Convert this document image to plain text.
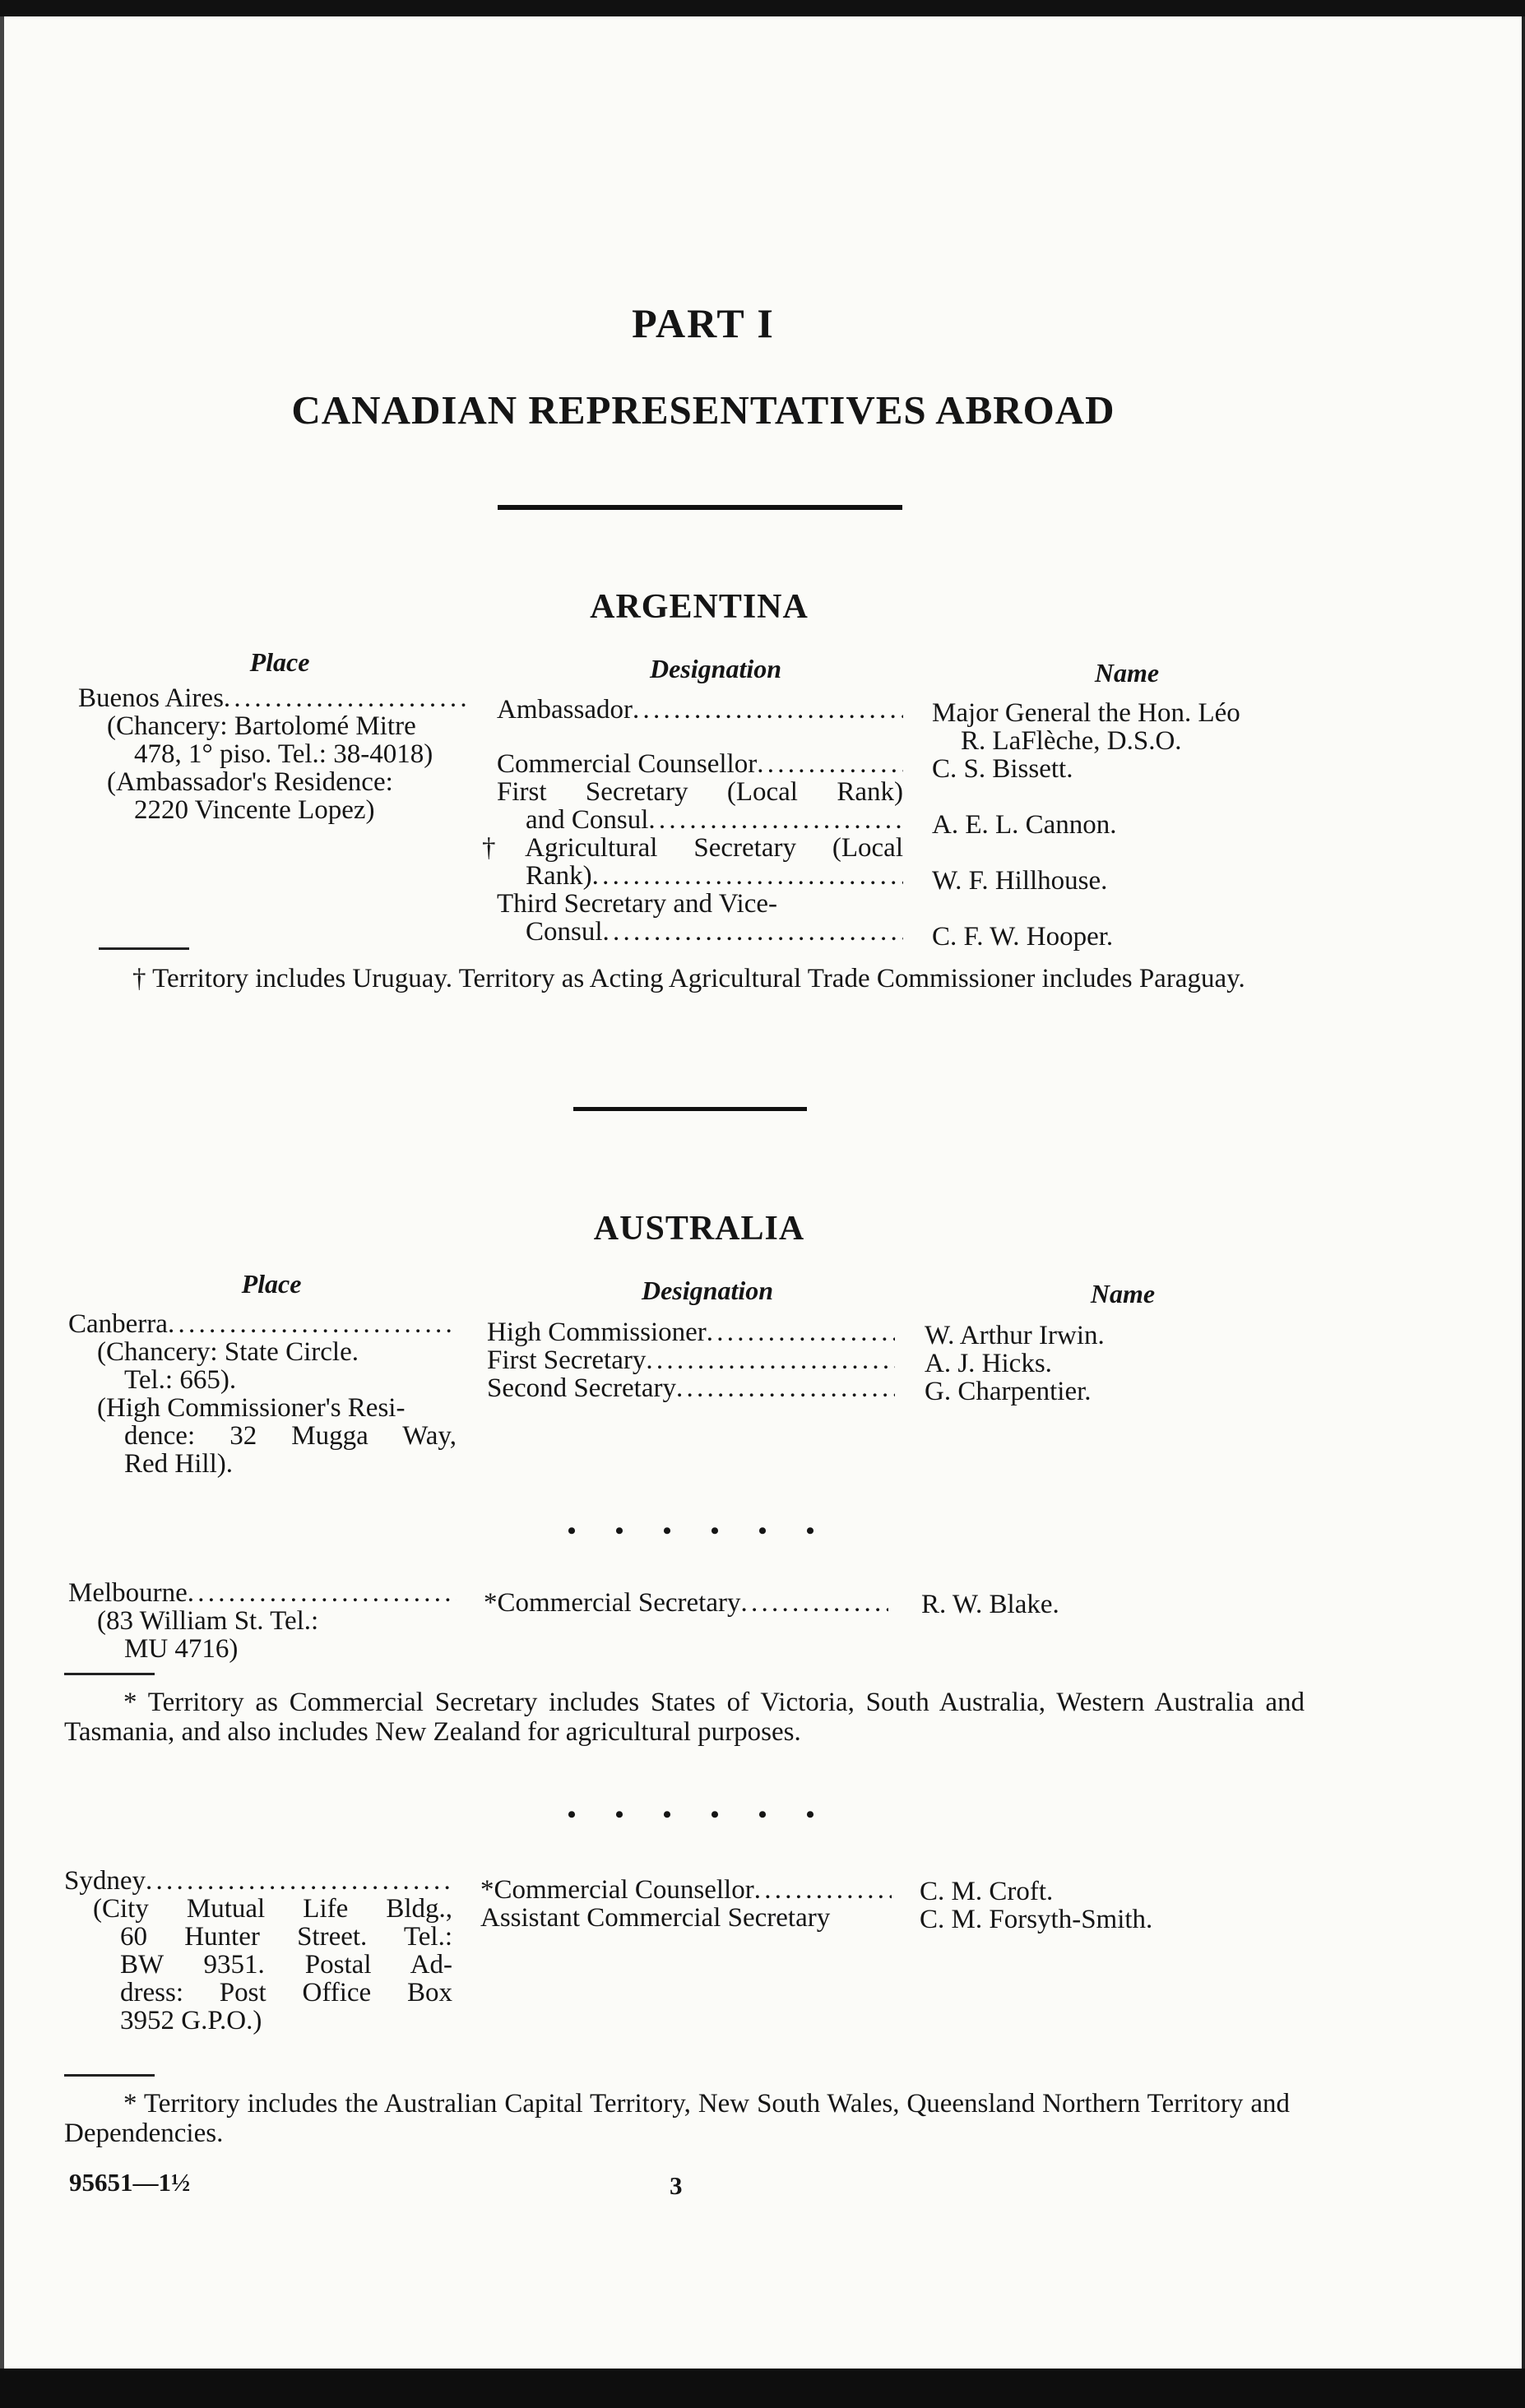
PART I
CANADIAN REPRESENTATIVES ABROAD
ARGENTINA
Place	Designation	Name
Buenos Aires
. . .
(Chancery: Bartolomé Mitre
478, 1° piso. Tel.: 38-4018)
(Ambassador's Residence:
2220 Vincente Lopez)
Ambassador
. . .
Commercial Counsellor
. . .
First Secretary (Local Rank)
and Consul
. . .
†Agricultural Secretary (Local
Rank)
. . .
Third Secretary and Vice-
Consul
. . .
Major General the Hon. Léo
R. LaFlèche, D.S.O.
C. S. Bissett.
A. E. L. Cannon.
W. F. Hillhouse.
C. F. W. Hooper.
† Territory includes Uruguay. Territory as Acting Agricultural Trade Commissioner includes Paraguay.
AUSTRALIA
Place	Designation	Name
Canberra
. . .
(Chancery: State Circle.
Tel.: 665).
(High Commissioner's Resi-
dence: 32 Mugga Way,
Red Hill).
High Commissioner
. . .
First Secretary
. . .
Second Secretary
. . .
W. Arthur Irwin.
A. J. Hicks.
G. Charpentier.
• • • • • •
Melbourne
. . .
(83 William St. Tel.:
MU 4716)
*Commercial Secretary
. . .	R. W. Blake.
* Territory as Commercial Secretary includes States of Victoria, South Australia, Western Australia and Tasmania, and also includes New Zealand for agricultural purposes.
• • • • • •
Sydney
. . .
(City Mutual Life Bldg.,
60 Hunter Street. Tel.:
BW 9351. Postal Ad-
dress: Post Office Box
3952 G.P.O.)
*Commercial Counsellor
. . .
Assistant Commercial Secretary
C. M. Croft.
C. M. Forsyth-Smith.
* Territory includes the Australian Capital Territory, New South Wales, Queensland Northern Territory and Dependencies.
95651—1½	3
